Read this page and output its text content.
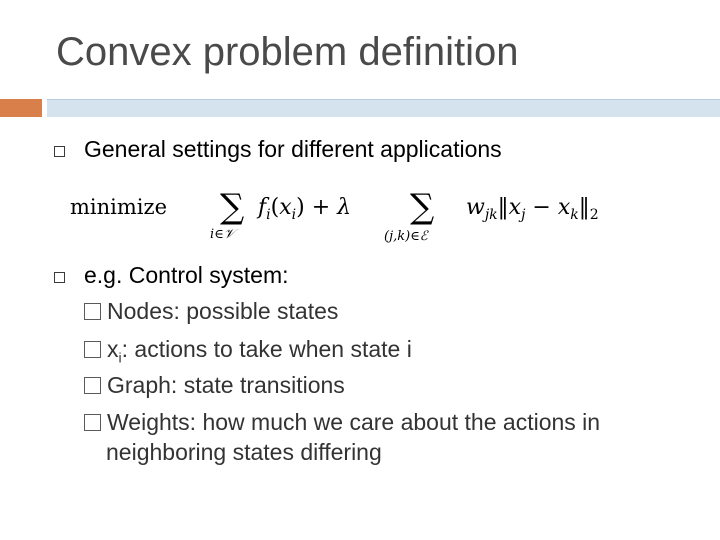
Convex problem definition
General settings for different applications
minimize ∑
i∈𝒱
$f_i(x_i) + \lambda$ ∑
(j,k)∈ℰ
$w_{jk}‖x_j$ − $x_k‖_2$
e.g. Control system:
Nodes: possible states
$x_i$: actions to take when state i
Graph: state transitions
Weights: how much we care about the actions in
neighboring states differing
